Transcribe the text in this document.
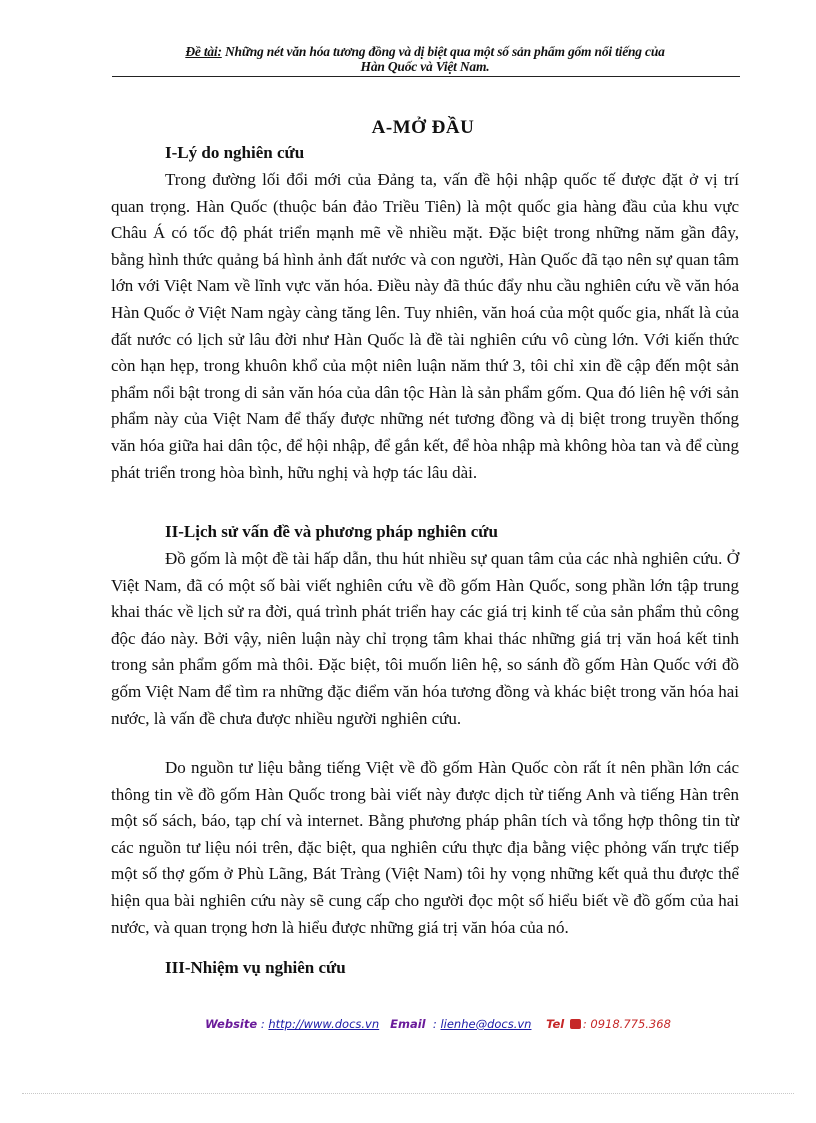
Đề tài: Những nét văn hóa tương đồng và dị biệt qua một số sản phẩm gốm nổi tiếng của
Hàn Quốc và Việt Nam.
A-MỞ ĐẦU
I-Lý do nghiên cứu

Trong đường lối đổi mới của Đảng ta, vấn đề hội nhập quốc tế được đặt ở vị trí quan trọng. Hàn Quốc (thuộc bán đảo Triều Tiên) là một quốc gia hàng đầu của khu vực Châu Á có tốc độ phát triển mạnh mẽ về nhiều mặt. Đặc biệt trong những năm gần đây, bằng hình thức quảng bá hình ảnh đất nước và con người, Hàn Quốc đã tạo nên sự quan tâm lớn với Việt Nam về lĩnh vực văn hóa. Điều này đã thúc đẩy nhu cầu nghiên cứu về văn hóa Hàn Quốc ở Việt Nam ngày càng tăng lên. Tuy nhiên, văn hoá của một quốc gia, nhất là của đất nước có lịch sử lâu đời như Hàn Quốc là đề tài nghiên cứu vô cùng lớn. Với kiến thức còn hạn hẹp, trong khuôn khổ của một niên luận năm thứ 3, tôi chỉ xin đề cập đến một sản phẩm nổi bật trong di sản văn hóa của dân tộc Hàn là sản phẩm gốm. Qua đó liên hệ với sản phẩm này của Việt Nam để thấy được những nét tương đồng và dị biệt trong truyền thống văn hóa giữa hai dân tộc, để hội nhập, để gắn kết, để hòa nhập mà không hòa tan và để cùng phát triển trong hòa bình, hữu nghị và hợp tác lâu dài.

II-Lịch sử vấn đề và phương pháp nghiên cứu

Đồ gốm là một đề tài hấp dẫn, thu hút nhiều sự quan tâm của các nhà nghiên cứu. Ở Việt Nam, đã có một số bài viết nghiên cứu về đồ gốm Hàn Quốc, song phần lớn tập trung khai thác về lịch sử ra đời, quá trình phát triển hay các giá trị kinh tế của sản phẩm thủ công độc đáo này. Bởi vậy, niên luận này chỉ trọng tâm khai thác những giá trị văn hoá kết tinh trong sản phẩm gốm mà thôi. Đặc biệt, tôi muốn liên hệ, so sánh đồ gốm Hàn Quốc với đồ gốm Việt Nam để tìm ra những đặc điểm văn hóa tương đồng và khác biệt trong văn hóa hai nước, là vấn đề chưa được nhiều người nghiên cứu.

Do nguồn tư liệu bằng tiếng Việt về đồ gốm Hàn Quốc còn rất ít nên phần lớn các thông tin về đồ gốm Hàn Quốc trong bài viết này được dịch từ tiếng Anh và tiếng Hàn trên một số sách, báo, tạp chí và internet. Bằng phương pháp phân tích và tổng hợp thông tin từ các nguồn tư liệu nói trên, đặc biệt, qua nghiên cứu thực địa bằng việc phỏng vấn trực tiếp một số thợ gốm ở Phù Lãng, Bát Tràng (Việt Nam) tôi hy vọng những kết quả thu được thể hiện qua bài nghiên cứu này sẽ cung cấp cho người đọc một số hiểu biết về đồ gốm của hai nước, và quan trọng hơn là hiểu được những giá trị văn hóa của nó.

III-Nhiệm vụ nghiên cứu
Website : http://www.docs.vn Email : lienhe@docs.vn Tel : 0918.775.368
